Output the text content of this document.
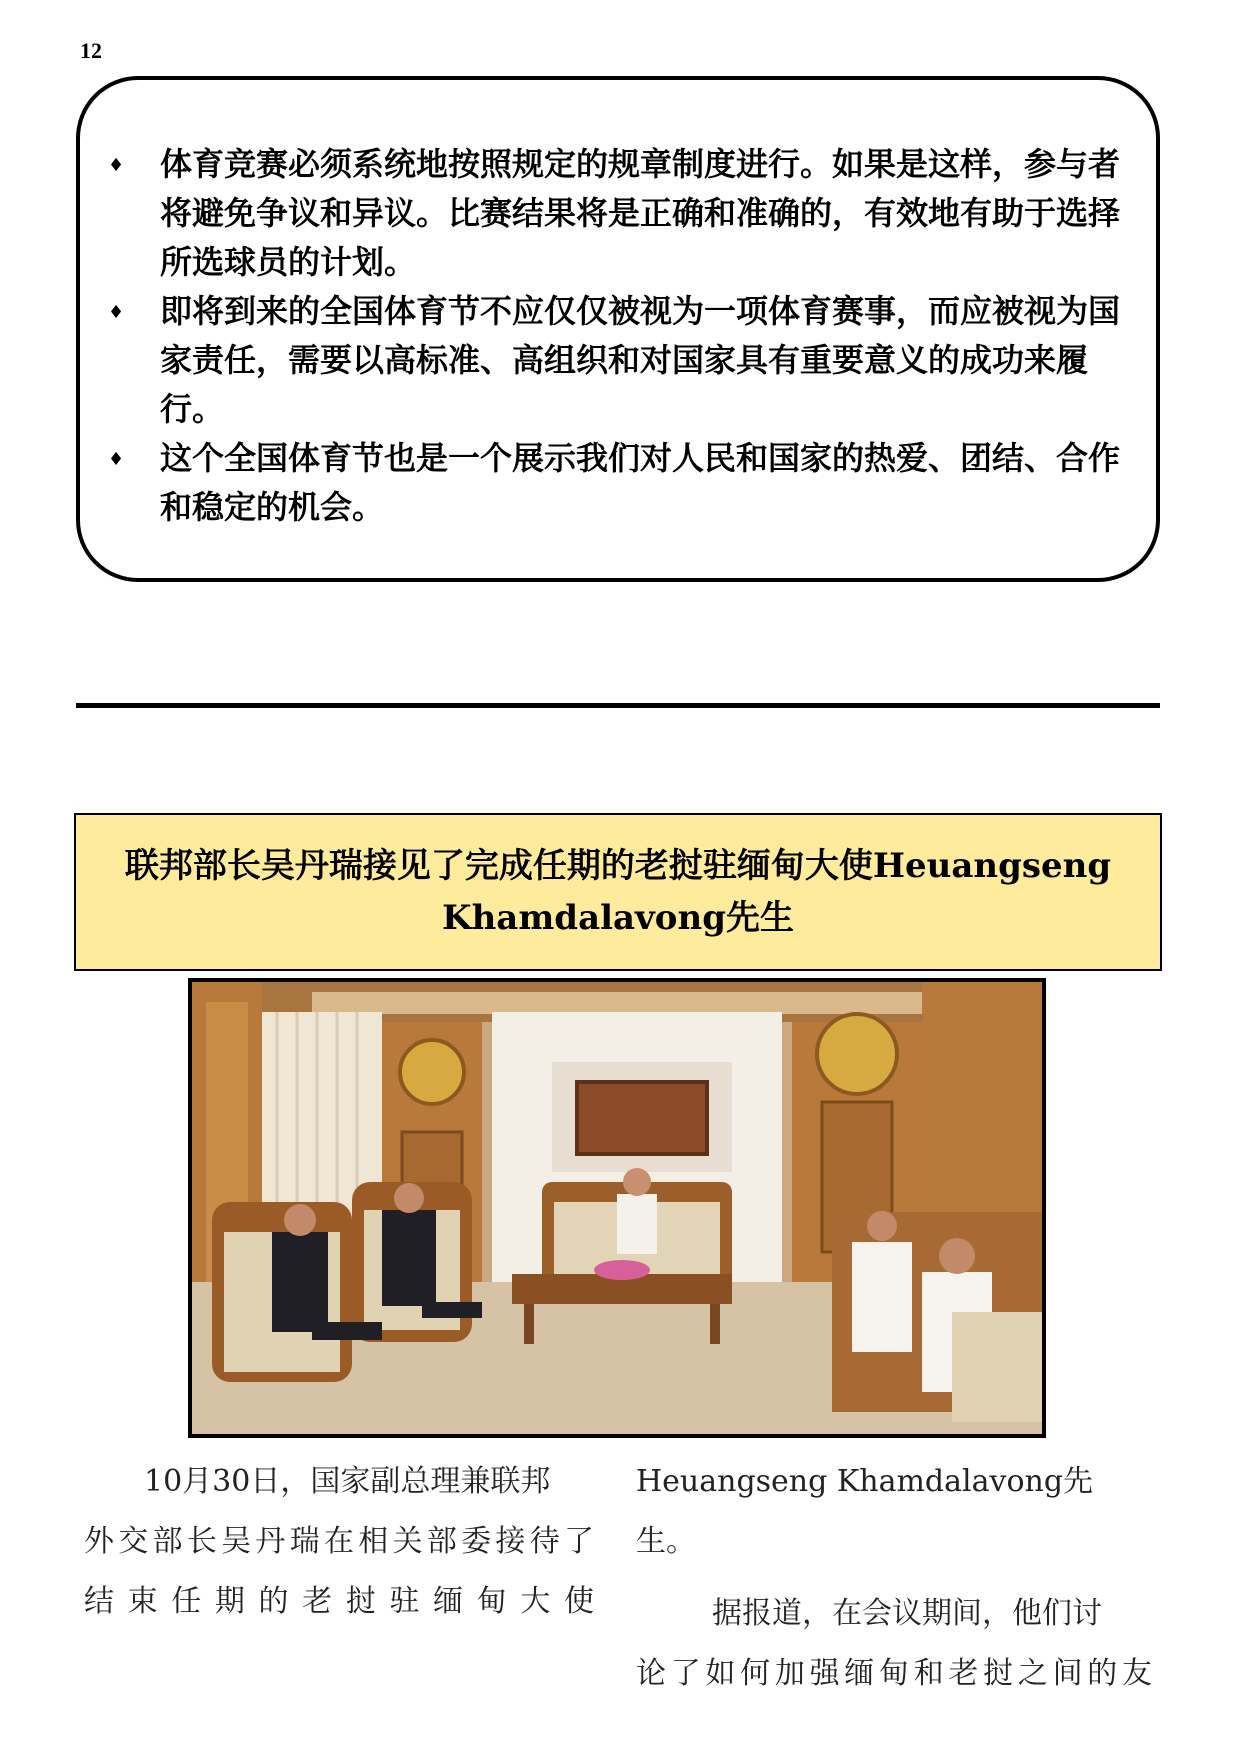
12
♦ 体育竞赛必须系统地按照规定的规章制度进行。如果是这样，参与者将避免争议和异议。比赛结果将是正确和准确的，有效地有助于选择所选球员的计划。
♦ 即将到来的全国体育节不应仅仅被视为一项体育赛事，而应被视为国家责任，需要以高标准、高组织和对国家具有重要意义的成功来履行。
♦ 这个全国体育节也是一个展示我们对人民和国家的热爱、团结、合作和稳定的机会。
联邦部长吴丹瑞接见了完成任期的老挝驻缅甸大使Heuangseng
Khamdalavong先生
10月30日，国家副总理兼联邦

外交部长吴丹瑞在相关部委接待了
结束任期的老挝驻缅甸大使
Heuangseng Khamdalavong先生。
据报道，在会议期间，他们讨

论了如何加强缅甸和老挝之间的友
